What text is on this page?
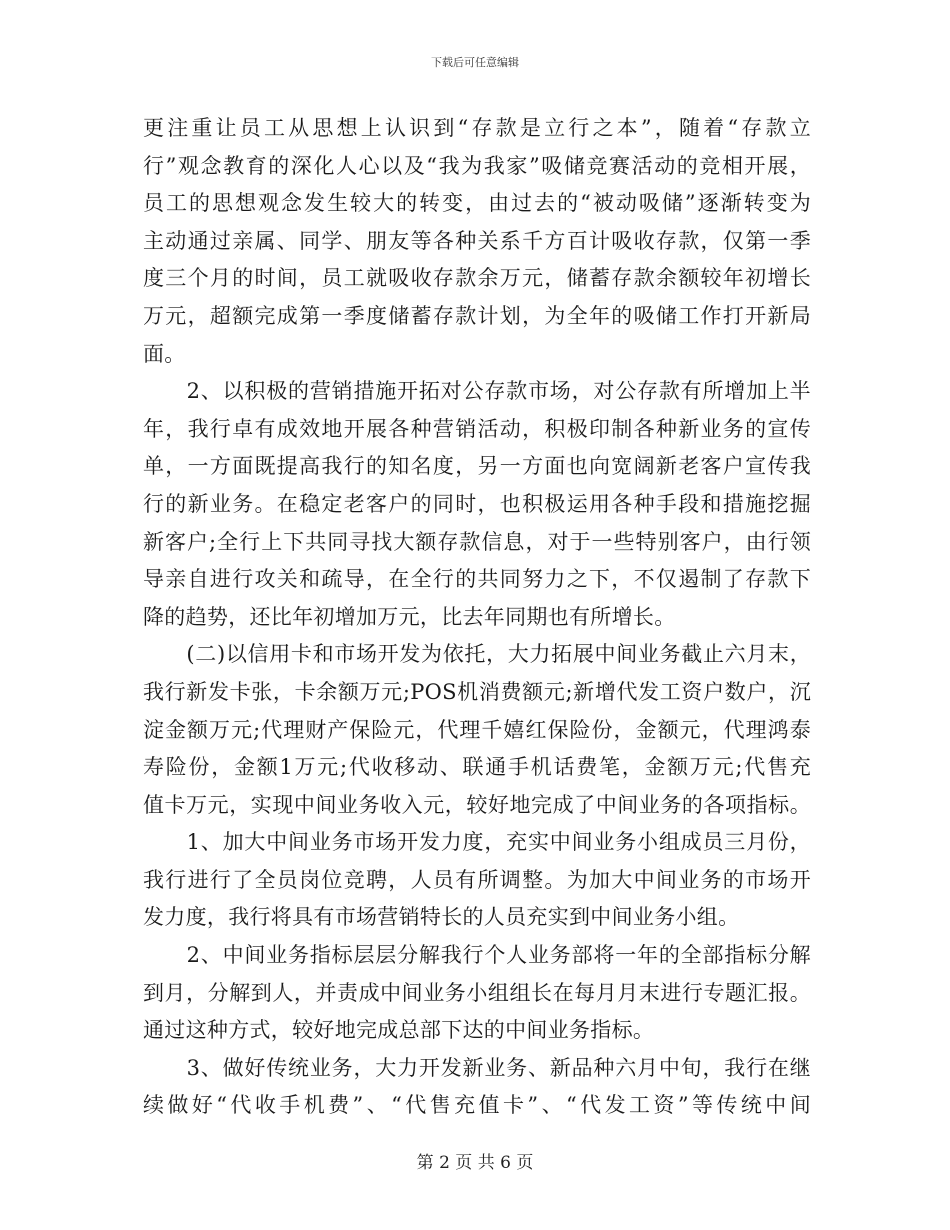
下载后可任意编辑
更注重让员工从思想上认识到“存款是立行之本”，随着“存款立
行”观念教育的深化人心以及“我为我家”吸储竞赛活动的竞相开展，
员工的思想观念发生较大的转变，由过去的“被动吸储”逐渐转变为
主动通过亲属、同学、朋友等各种关系千方百计吸收存款，仅第一季
度三个月的时间，员工就吸收存款余万元，储蓄存款余额较年初增长
万元，超额完成第一季度储蓄存款计划，为全年的吸储工作打开新局
面。
　　2、以积极的营销措施开拓对公存款市场，对公存款有所增加上半
年，我行卓有成效地开展各种营销活动，积极印制各种新业务的宣传
单，一方面既提高我行的知名度，另一方面也向宽阔新老客户宣传我
行的新业务。在稳定老客户的同时，也积极运用各种手段和措施挖掘
新客户;全行上下共同寻找大额存款信息，对于一些特别客户，由行领
导亲自进行攻关和疏导，在全行的共同努力之下，不仅遏制了存款下
降的趋势，还比年初增加万元，比去年同期也有所增长。
　　(二)以信用卡和市场开发为依托，大力拓展中间业务截止六月末，
我行新发卡张，卡余额万元;POS机消费额元;新增代发工资户数户，沉
淀金额万元;代理财产保险元，代理千嬉红保险份，金额元，代理鸿泰
寿险份，金额1万元;代收移动、联通手机话费笔，金额万元;代售充
值卡万元，实现中间业务收入元，较好地完成了中间业务的各项指标。
　　1、加大中间业务市场开发力度，充实中间业务小组成员三月份，
我行进行了全员岗位竞聘，人员有所调整。为加大中间业务的市场开
发力度，我行将具有市场营销特长的人员充实到中间业务小组。
　　2、中间业务指标层层分解我行个人业务部将一年的全部指标分解
到月，分解到人，并责成中间业务小组组长在每月月末进行专题汇报。
通过这种方式，较好地完成总部下达的中间业务指标。
　　3、做好传统业务，大力开发新业务、新品种六月中旬，我行在继
续做好“代收手机费”、“代售充值卡”、“代发工资”等传统中间
第 2 页 共 6 页
